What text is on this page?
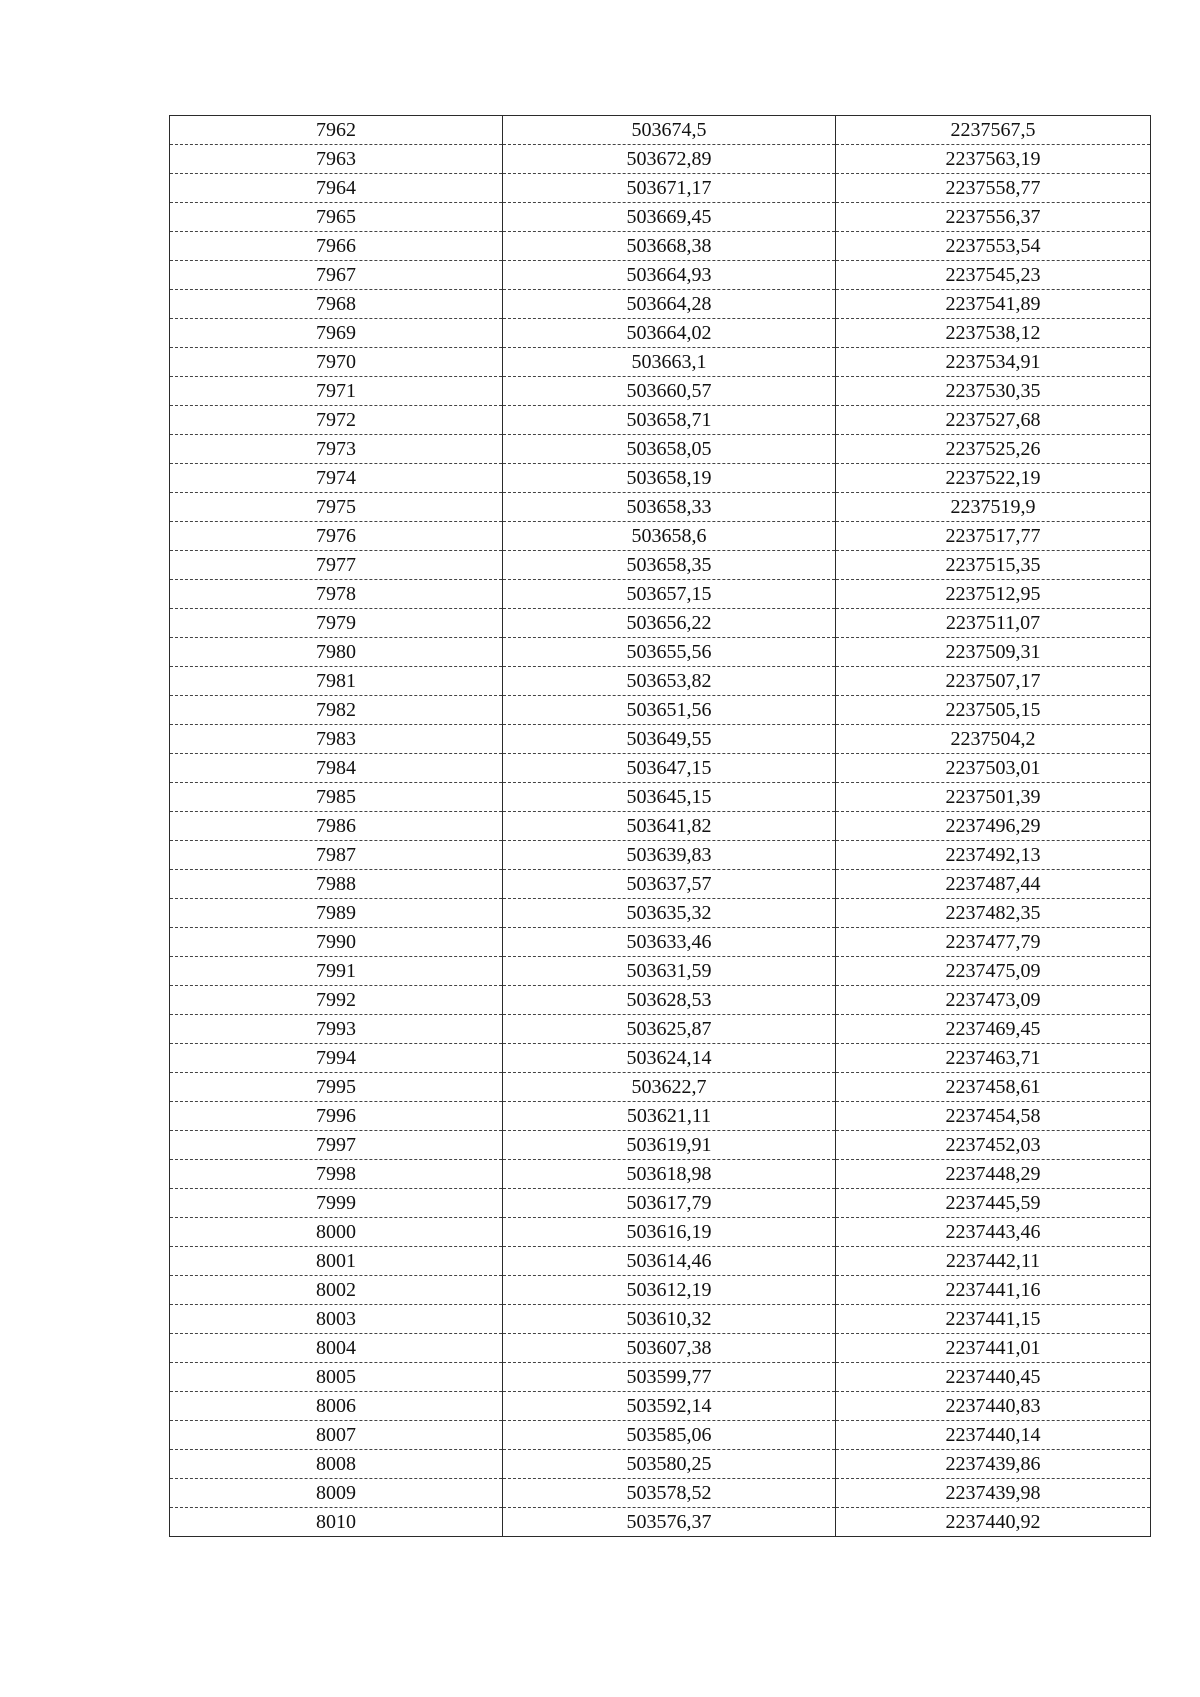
7962	503674,5	2237567,5
7963	503672,89	2237563,19
7964	503671,17	2237558,77
7965	503669,45	2237556,37
7966	503668,38	2237553,54
7967	503664,93	2237545,23
7968	503664,28	2237541,89
7969	503664,02	2237538,12
7970	503663,1	2237534,91
7971	503660,57	2237530,35
7972	503658,71	2237527,68
7973	503658,05	2237525,26
7974	503658,19	2237522,19
7975	503658,33	2237519,9
7976	503658,6	2237517,77
7977	503658,35	2237515,35
7978	503657,15	2237512,95
7979	503656,22	2237511,07
7980	503655,56	2237509,31
7981	503653,82	2237507,17
7982	503651,56	2237505,15
7983	503649,55	2237504,2
7984	503647,15	2237503,01
7985	503645,15	2237501,39
7986	503641,82	2237496,29
7987	503639,83	2237492,13
7988	503637,57	2237487,44
7989	503635,32	2237482,35
7990	503633,46	2237477,79
7991	503631,59	2237475,09
7992	503628,53	2237473,09
7993	503625,87	2237469,45
7994	503624,14	2237463,71
7995	503622,7	2237458,61
7996	503621,11	2237454,58
7997	503619,91	2237452,03
7998	503618,98	2237448,29
7999	503617,79	2237445,59
8000	503616,19	2237443,46
8001	503614,46	2237442,11
8002	503612,19	2237441,16
8003	503610,32	2237441,15
8004	503607,38	2237441,01
8005	503599,77	2237440,45
8006	503592,14	2237440,83
8007	503585,06	2237440,14
8008	503580,25	2237439,86
8009	503578,52	2237439,98
8010	503576,37	2237440,92
